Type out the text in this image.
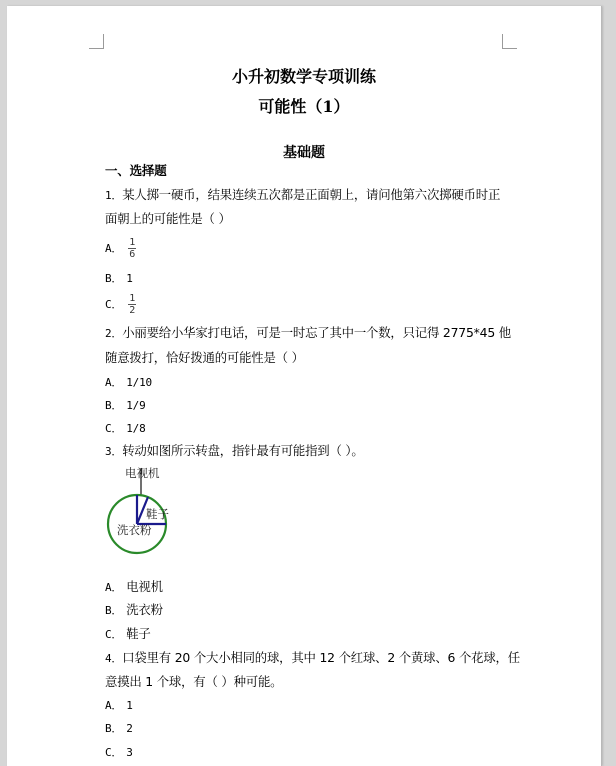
小升初数学专项训练
可能性（1）
基础题
一、选择题
1．某人掷一硬币，结果连续五次都是正面朝上，请问他第六次掷硬币时正
面朝上的可能性是（ ）
A． $\frac{1}{6}$
B． 1
C． $\frac{1}{2}$
2．小丽要给小华家打电话，可是一时忘了其中一个数，只记得 2775*45 他
随意拨打，恰好拨通的可能性是（ ）
A． 1/10
B． 1/9
C． 1/8
3．转动如图所示转盘，指针最有可能指到（ ）。
电视机
鞋子
洗衣粉
A． 电视机
B． 洗衣粉
C． 鞋子
4．口袋里有 20 个大小相同的球，其中 12 个红球、2 个黄球、6 个花球，任
意摸出 1 个球，有（ ）种可能。
A． 1
B． 2
C． 3
